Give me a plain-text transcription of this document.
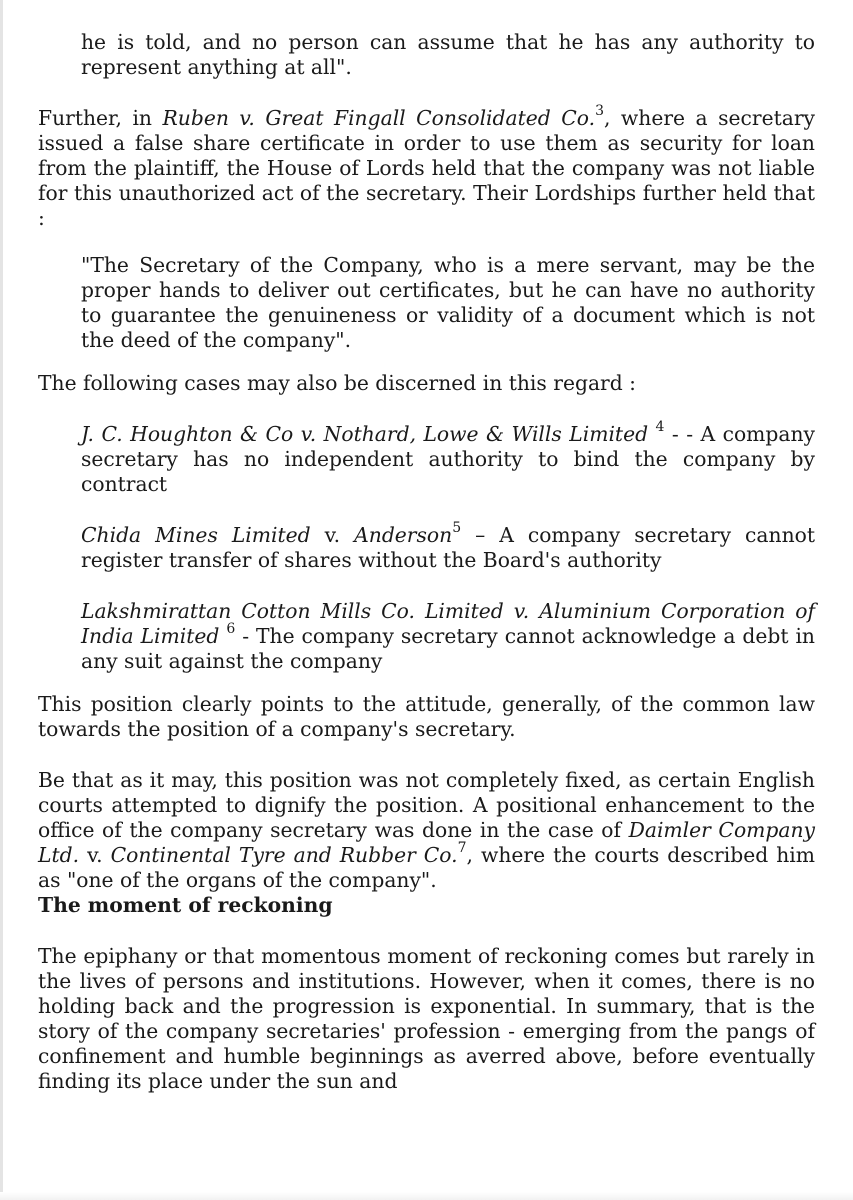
he is told, and no person can assume that he has any authority to represent anything at all".

Further, in Ruben v. Great Fingall Consolidated Co.$^3$, where a secretary issued a false share certificate in order to use them as security for loan from the plaintiff, the House of Lords held that the company was not liable for this unauthorized act of the secretary. Their Lordships further held that :

"The Secretary of the Company, who is a mere servant, may be the proper hands to deliver out certificates, but he can have no authority to guarantee the genuineness or validity of a document which is not the deed of the company".

The following cases may also be discerned in this regard :

J. C. Houghton & Co v. Nothard, Lowe & Wills Limited $^4$ - - A company secretary has no independent authority to bind the company by contract

Chida Mines Limited v. Anderson$^5$ – A company secretary cannot register transfer of shares without the Board's authority

Lakshmirattan Cotton Mills Co. Limited v. Aluminium Corporation of India Limited $^6$ - The company secretary cannot acknowledge a debt in any suit against the company

This position clearly points to the attitude, generally, of the common law towards the position of a company's secretary.

Be that as it may, this position was not completely fixed, as certain English courts attempted to dignify the position. A positional enhancement to the office of the company secretary was done in the case of Daimler Company Ltd. v. Continental Tyre and Rubber Co.$^7$, where the courts described him as "one of the organs of the company".

The moment of reckoning

The epiphany or that momentous moment of reckoning comes but rarely in the lives of persons and institutions. However, when it comes, there is no holding back and the progression is exponential. In summary, that is the story of the company secretaries' profession - emerging from the pangs of confinement and humble beginnings as averred above, before eventually finding its place under the sun and
